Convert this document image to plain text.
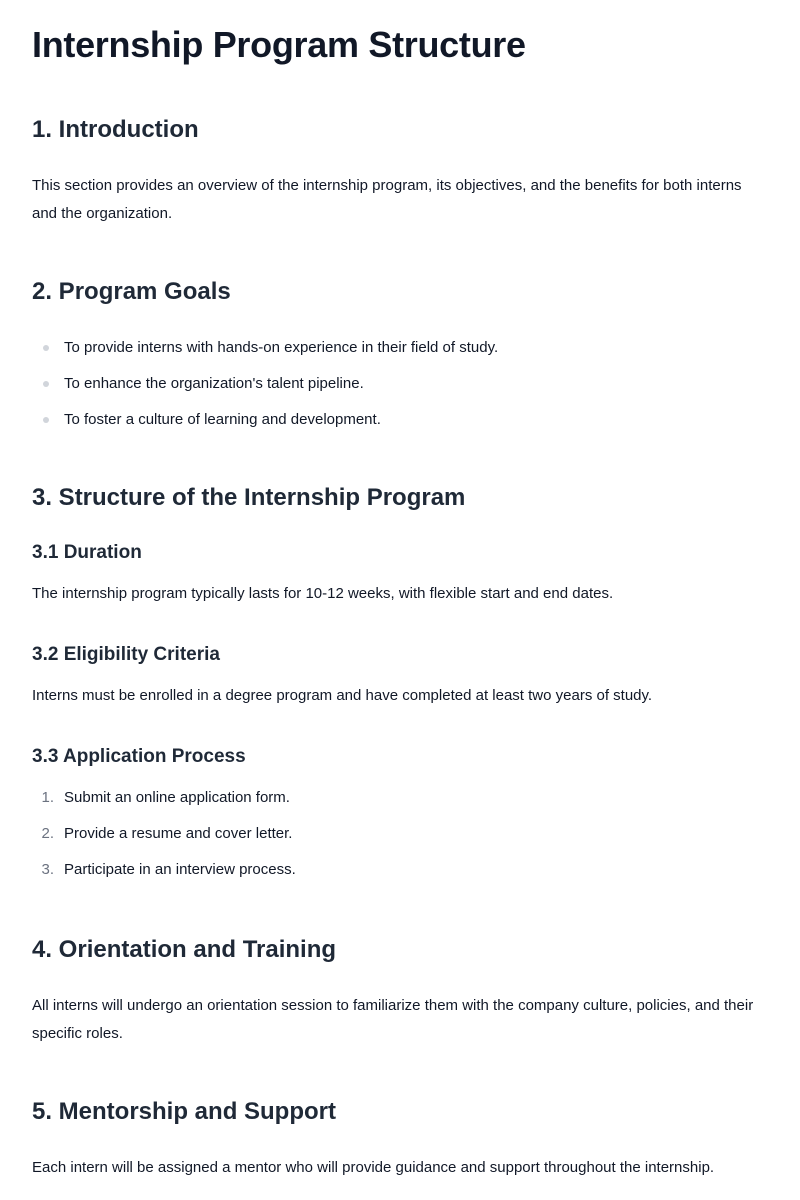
Internship Program Structure
1. Introduction

This section provides an overview of the internship program, its objectives, and the benefits for both interns and the organization.

2. Program Goals
To provide interns with hands-on experience in their field of study.
To enhance the organization's talent pipeline.
To foster a culture of learning and development.
3. Structure of the Internship Program
3.1 Duration

The internship program typically lasts for 10-12 weeks, with flexible start and end dates.

3.2 Eligibility Criteria

Interns must be enrolled in a degree program and have completed at least two years of study.

3.3 Application Process
1. Submit an online application form.
2. Provide a resume and cover letter.
3. Participate in an interview process.
4. Orientation and Training

All interns will undergo an orientation session to familiarize them with the company culture, policies, and their specific roles.

5. Mentorship and Support

Each intern will be assigned a mentor who will provide guidance and support throughout the internship.
